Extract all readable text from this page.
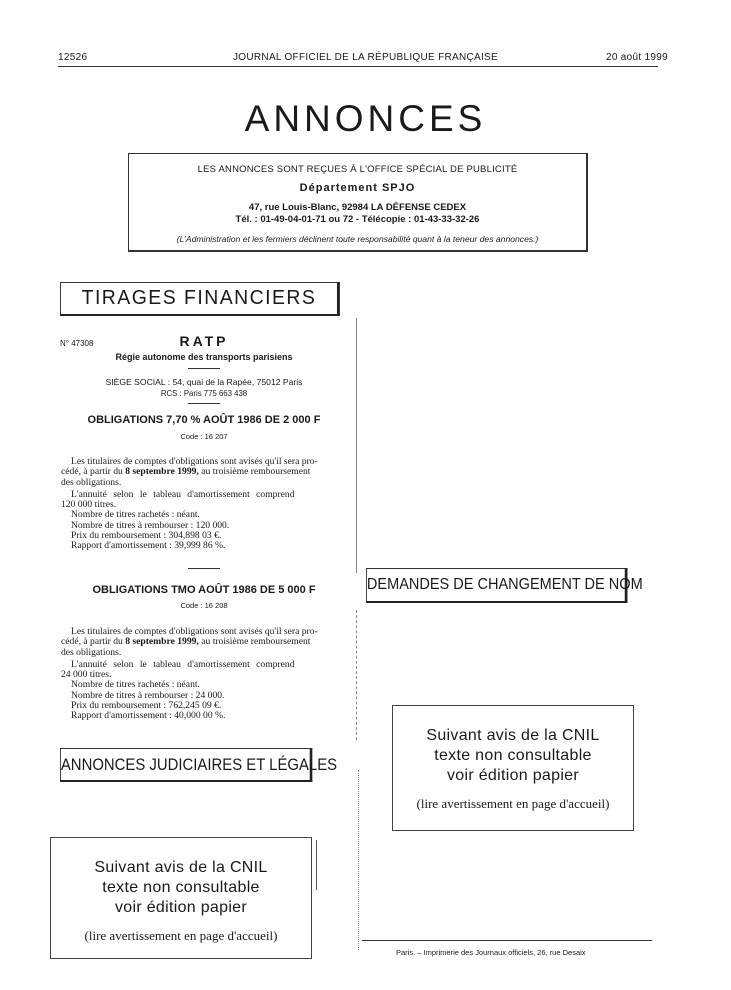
12526	JOURNAL OFFICIEL DE LA RÉPUBLIQUE FRANÇAISE	20 août 1999
ANNONCES
LES ANNONCES SONT REÇUES À L'OFFICE SPÉCIAL DE PUBLICITÉ
Département SPJO
47, rue Louis-Blanc, 92984 LA DÉFENSE CEDEX
Tél. : 01-49-04-01-71 ou 72 - Télécopie : 01-43-33-32-26
(L'Administration et les fermiers déclinent toute responsabilité quant à la teneur des annonces.)
TIRAGES FINANCIERS
N° 47308	RATP
Régie autonome des transports parisiens
SIÈGE SOCIAL : 54, quai de la Rapée, 75012 Paris
RCS : Paris 775 663 438
OBLIGATIONS 7,70 % AOÛT 1986 DE 2 000 F
Code : 16 207
Les titulaires de comptes d'obligations sont avisés qu'il sera pro-
cédé, à partir du 8 septembre 1999, au troisième remboursement
des obligations.
L'annuité selon le tableau d'amortissement comprend
120 000 titres.
Nombre de titres rachetés : néant.
Nombre de titres à rembourser : 120 000.
Prix du remboursement : 304,898 03 €.
Rapport d'amortissement : 39,999 86 %.
OBLIGATIONS TMO AOÛT 1986 DE 5 000 F
Code : 16 208
Les titulaires de comptes d'obligations sont avisés qu'il sera pro-
cédé, à partir du 8 septembre 1999, au troisième remboursement
des obligations.
L'annuité selon le tableau d'amortissement comprend
24 000 titres.
Nombre de titres rachetés : néant.
Nombre de titres à rembourser : 24 000.
Prix du remboursement : 762,245 09 €.
Rapport d'amortissement : 40,000 00 %.
ANNONCES JUDICIAIRES ET LÉGALES
Suivant avis de la CNIL
texte non consultable
voir édition papier
(lire avertissement en page d'accueil)
DEMANDES DE CHANGEMENT DE NOM
Suivant avis de la CNIL
texte non consultable
voir édition papier
(lire avertissement en page d'accueil)
Paris. – Imprimerie des Journaux officiels, 26, rue Desaix
